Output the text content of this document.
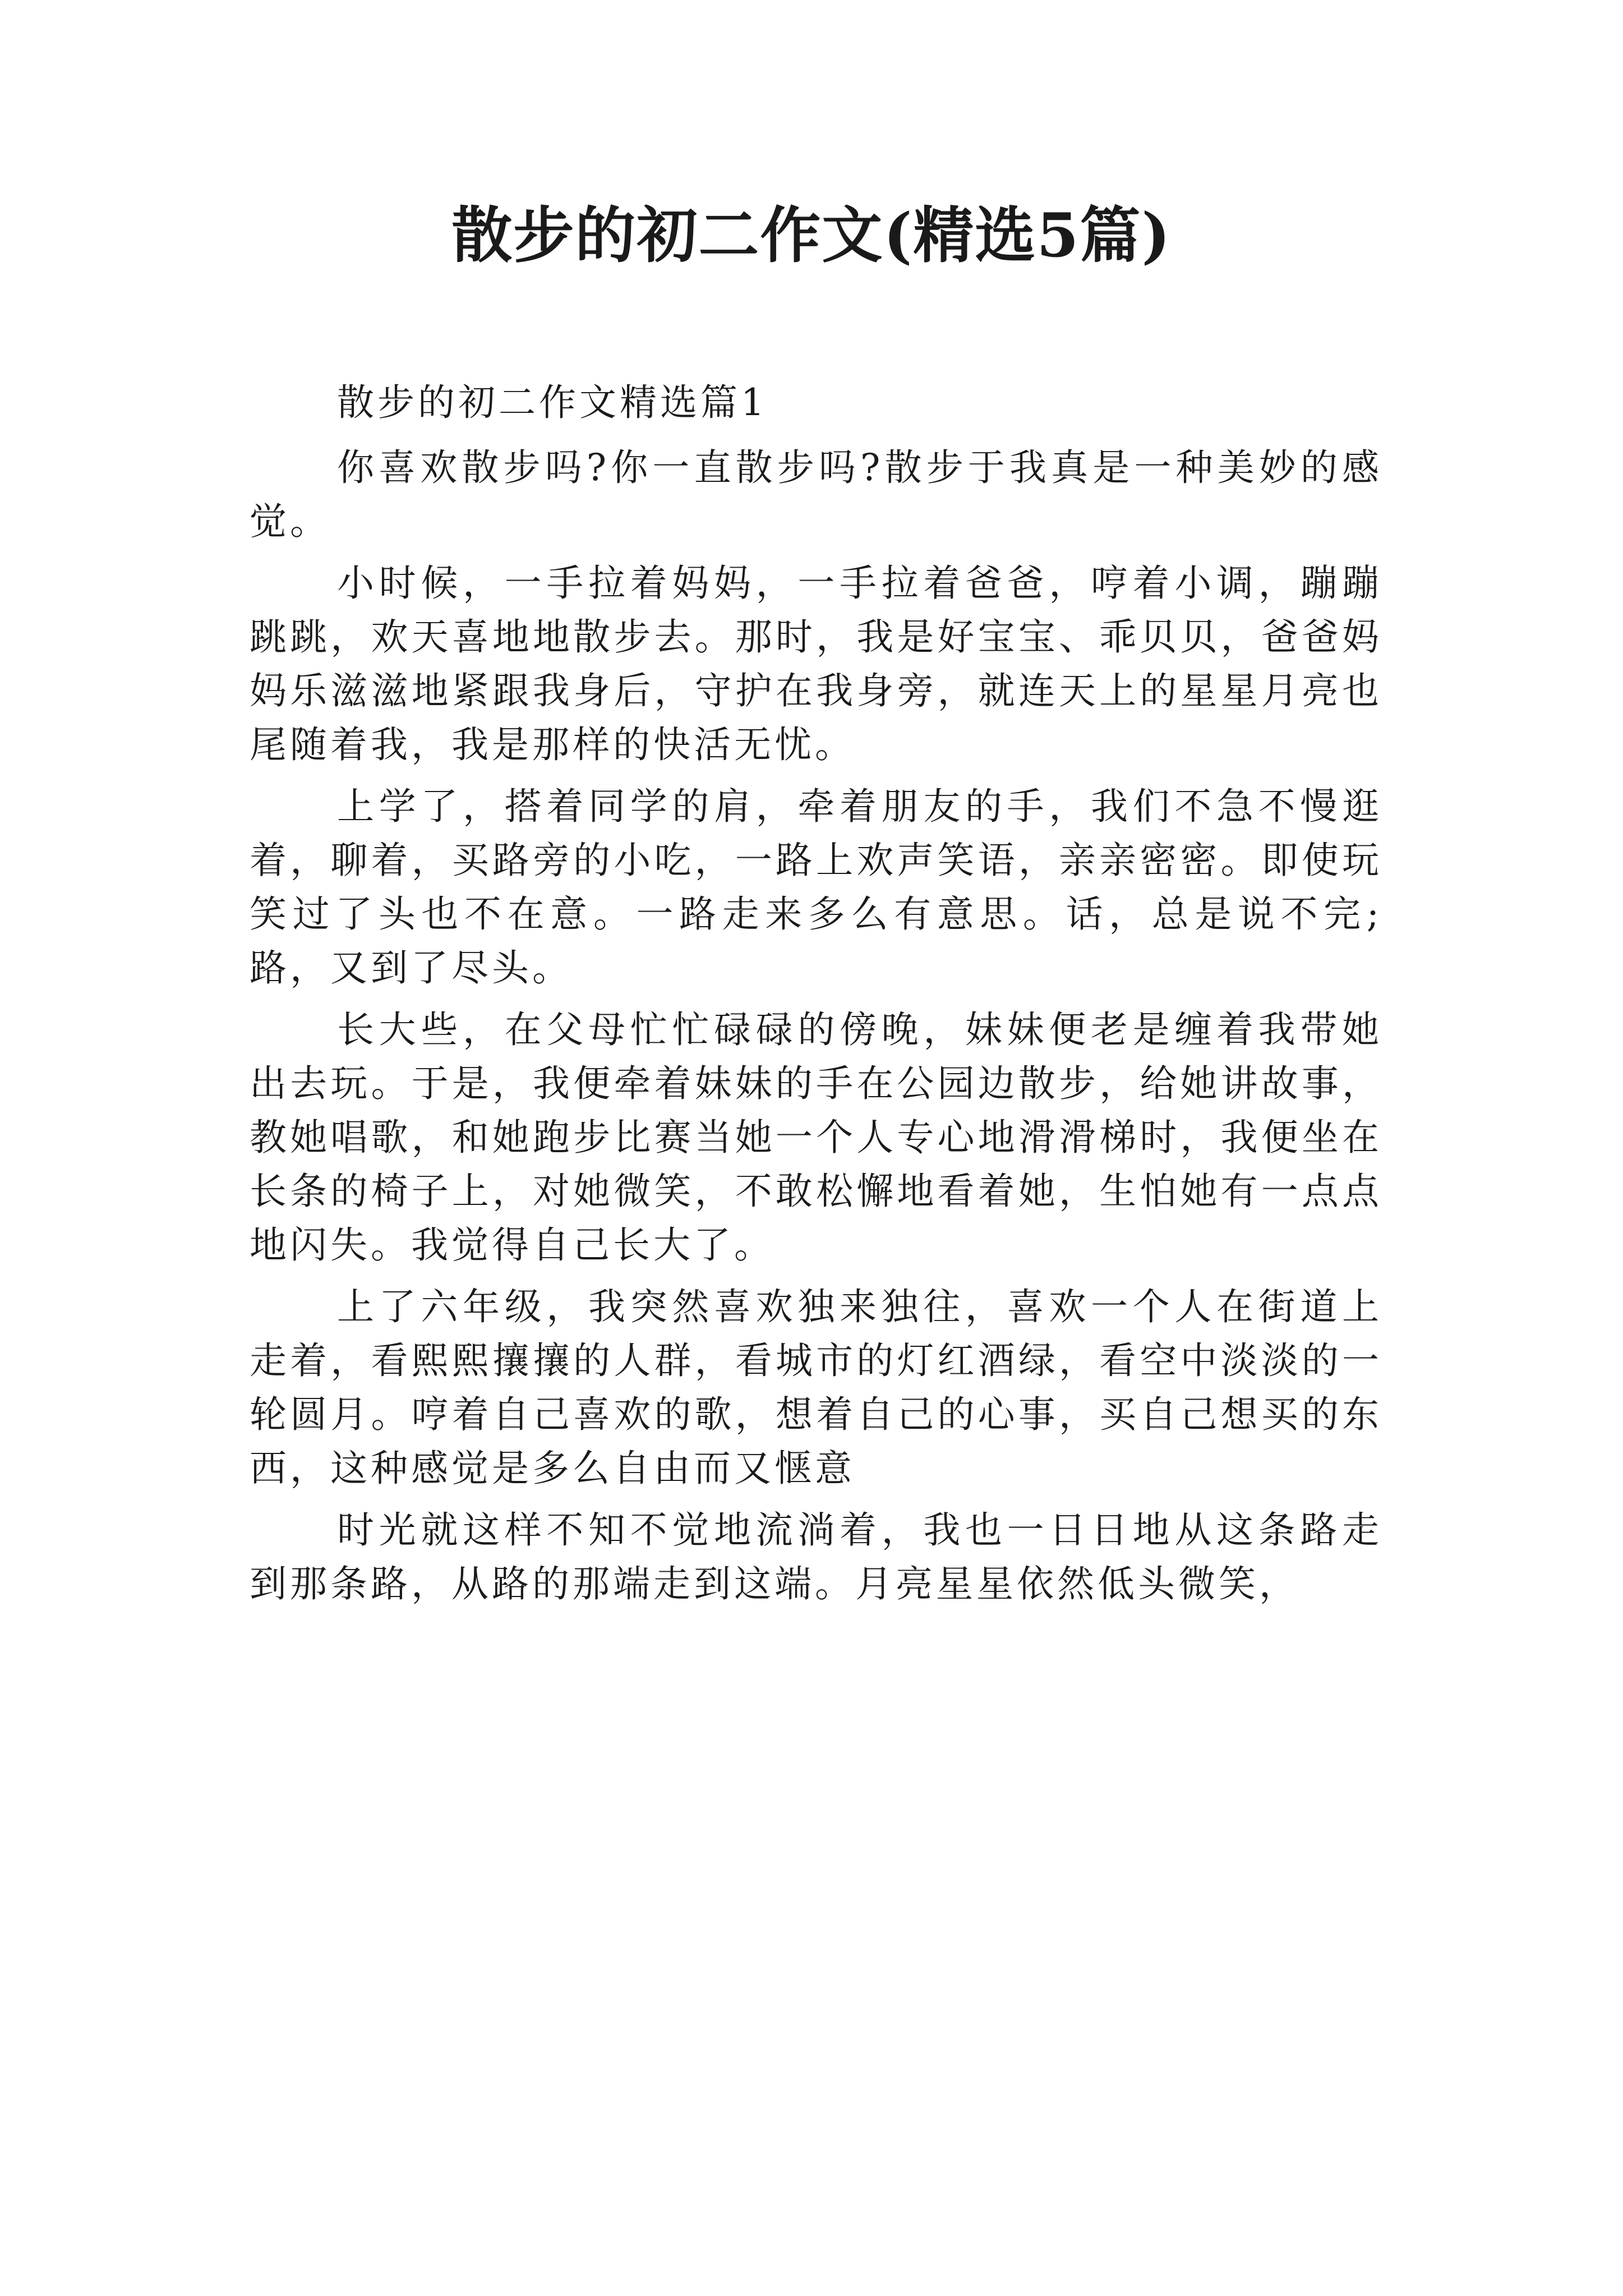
散步的初二作文(精选5篇)

散步的初二作文精选篇1

你喜欢散步吗?你一直散步吗?散步于我真是一种美妙的感觉。

小时候，一手拉着妈妈，一手拉着爸爸，哼着小调，蹦蹦跳跳，欢天喜地地散步去。那时，我是好宝宝、乖贝贝，爸爸妈妈乐滋滋地紧跟我身后，守护在我身旁，就连天上的星星月亮也尾随着我，我是那样的快活无忧。

上学了，搭着同学的肩，牵着朋友的手，我们不急不慢逛着，聊着，买路旁的小吃，一路上欢声笑语，亲亲密密。即使玩笑过了头也不在意。一路走来多么有意思。话，总是说不完;路，又到了尽头。

长大些，在父母忙忙碌碌的傍晚，妹妹便老是缠着我带她出去玩。于是，我便牵着妹妹的手在公园边散步，给她讲故事，教她唱歌，和她跑步比赛当她一个人专心地滑滑梯时，我便坐在长条的椅子上，对她微笑，不敢松懈地看着她，生怕她有一点点地闪失。我觉得自己长大了。

上了六年级，我突然喜欢独来独往，喜欢一个人在街道上走着，看熙熙攘攘的人群，看城市的灯红酒绿，看空中淡淡的一轮圆月。哼着自己喜欢的歌，想着自己的心事，买自己想买的东西，这种感觉是多么自由而又惬意

时光就这样不知不觉地流淌着，我也一日日地从这条路走到那条路，从路的那端走到这端。月亮星星依然低头微笑，
